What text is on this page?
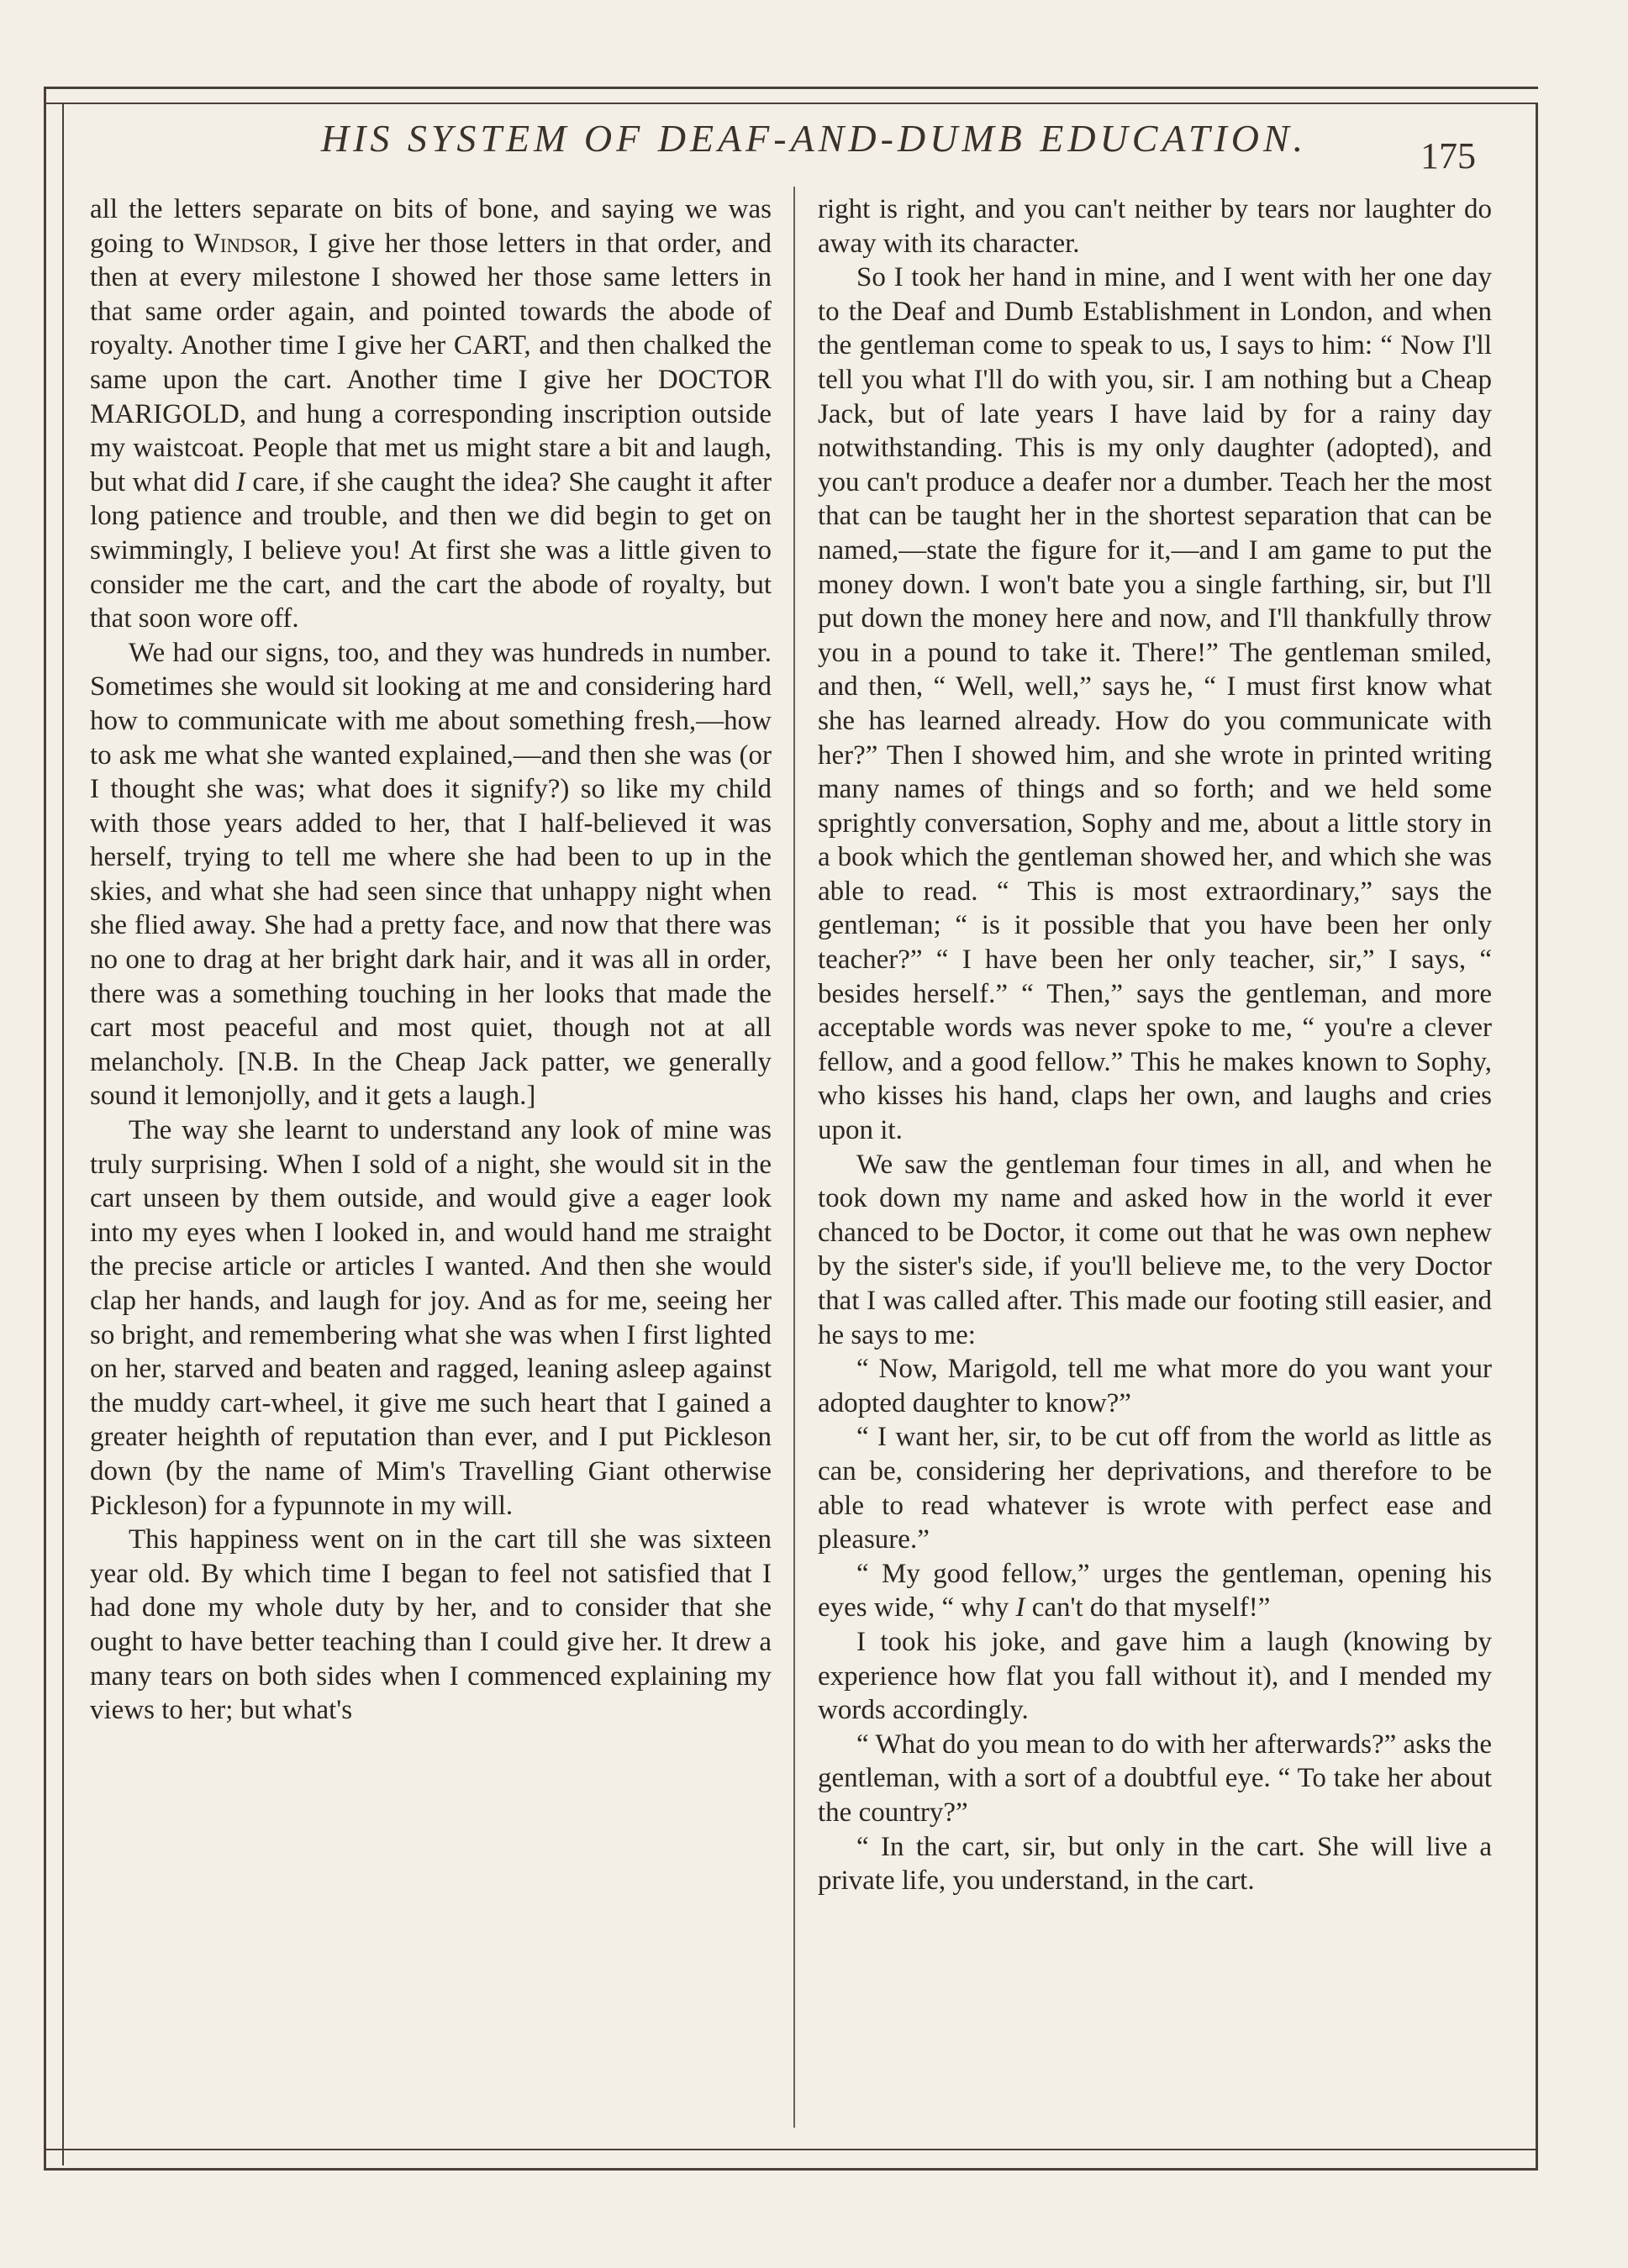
HIS SYSTEM OF DEAF-AND-DUMB EDUCATION.	175

all the letters separate on bits of bone, and saying we was going to Windsor, I give her those letters in that order, and then at every milestone I showed her those same letters in that same order again, and pointed towards the abode of royalty. Another time I give her CART, and then chalked the same upon the cart. Another time I give her DOCTOR MARIGOLD, and hung a corresponding inscription outside my waistcoat. People that met us might stare a bit and laugh, but what did I care, if she caught the idea? She caught it after long patience and trouble, and then we did begin to get on swimmingly, I believe you! At first she was a little given to consider me the cart, and the cart the abode of royalty, but that soon wore off.

We had our signs, too, and they was hundreds in number. Sometimes she would sit looking at me and considering hard how to communicate with me about something fresh,—how to ask me what she wanted explained,—and then she was (or I thought she was; what does it signify?) so like my child with those years added to her, that I half-believed it was herself, trying to tell me where she had been to up in the skies, and what she had seen since that unhappy night when she flied away. She had a pretty face, and now that there was no one to drag at her bright dark hair, and it was all in order, there was a something touching in her looks that made the cart most peaceful and most quiet, though not at all melancholy. [N.B. In the Cheap Jack patter, we generally sound it lemonjolly, and it gets a laugh.]

The way she learnt to understand any look of mine was truly surprising. When I sold of a night, she would sit in the cart unseen by them outside, and would give a eager look into my eyes when I looked in, and would hand me straight the precise article or articles I wanted. And then she would clap her hands, and laugh for joy. And as for me, seeing her so bright, and remembering what she was when I first lighted on her, starved and beaten and ragged, leaning asleep against the muddy cart-wheel, it give me such heart that I gained a greater heighth of reputation than ever, and I put Pickleson down (by the name of Mim's Travelling Giant otherwise Pickleson) for a fypunnote in my will.

This happiness went on in the cart till she was sixteen year old. By which time I began to feel not satisfied that I had done my whole duty by her, and to consider that she ought to have better teaching than I could give her. It drew a many tears on both sides when I commenced explaining my views to her; but what's

right is right, and you can't neither by tears nor laughter do away with its character.

So I took her hand in mine, and I went with her one day to the Deaf and Dumb Establishment in London, and when the gentleman come to speak to us, I says to him: “ Now I'll tell you what I'll do with you, sir. I am nothing but a Cheap Jack, but of late years I have laid by for a rainy day notwithstanding. This is my only daughter (adopted), and you can't produce a deafer nor a dumber. Teach her the most that can be taught her in the shortest separation that can be named,—state the figure for it,—and I am game to put the money down. I won't bate you a single farthing, sir, but I'll put down the money here and now, and I'll thankfully throw you in a pound to take it. There!” The gentleman smiled, and then, “ Well, well,” says he, “ I must first know what she has learned already. How do you communicate with her?” Then I showed him, and she wrote in printed writing many names of things and so forth; and we held some sprightly conversation, Sophy and me, about a little story in a book which the gentleman showed her, and which she was able to read. “ This is most extraordinary,” says the gentleman; “ is it possible that you have been her only teacher?” “ I have been her only teacher, sir,” I says, “ besides herself.” “ Then,” says the gentleman, and more acceptable words was never spoke to me, “ you're a clever fellow, and a good fellow.” This he makes known to Sophy, who kisses his hand, claps her own, and laughs and cries upon it.

We saw the gentleman four times in all, and when he took down my name and asked how in the world it ever chanced to be Doctor, it come out that he was own nephew by the sister's side, if you'll believe me, to the very Doctor that I was called after. This made our footing still easier, and he says to me:

“ Now, Marigold, tell me what more do you want your adopted daughter to know?”

“ I want her, sir, to be cut off from the world as little as can be, considering her deprivations, and therefore to be able to read whatever is wrote with perfect ease and pleasure.”

“ My good fellow,” urges the gentleman, opening his eyes wide, “ why I can't do that myself!”

I took his joke, and gave him a laugh (knowing by experience how flat you fall without it), and I mended my words accordingly.

“ What do you mean to do with her afterwards?” asks the gentleman, with a sort of a doubtful eye. “ To take her about the country?”

“ In the cart, sir, but only in the cart. She will live a private life, you understand, in the cart.
